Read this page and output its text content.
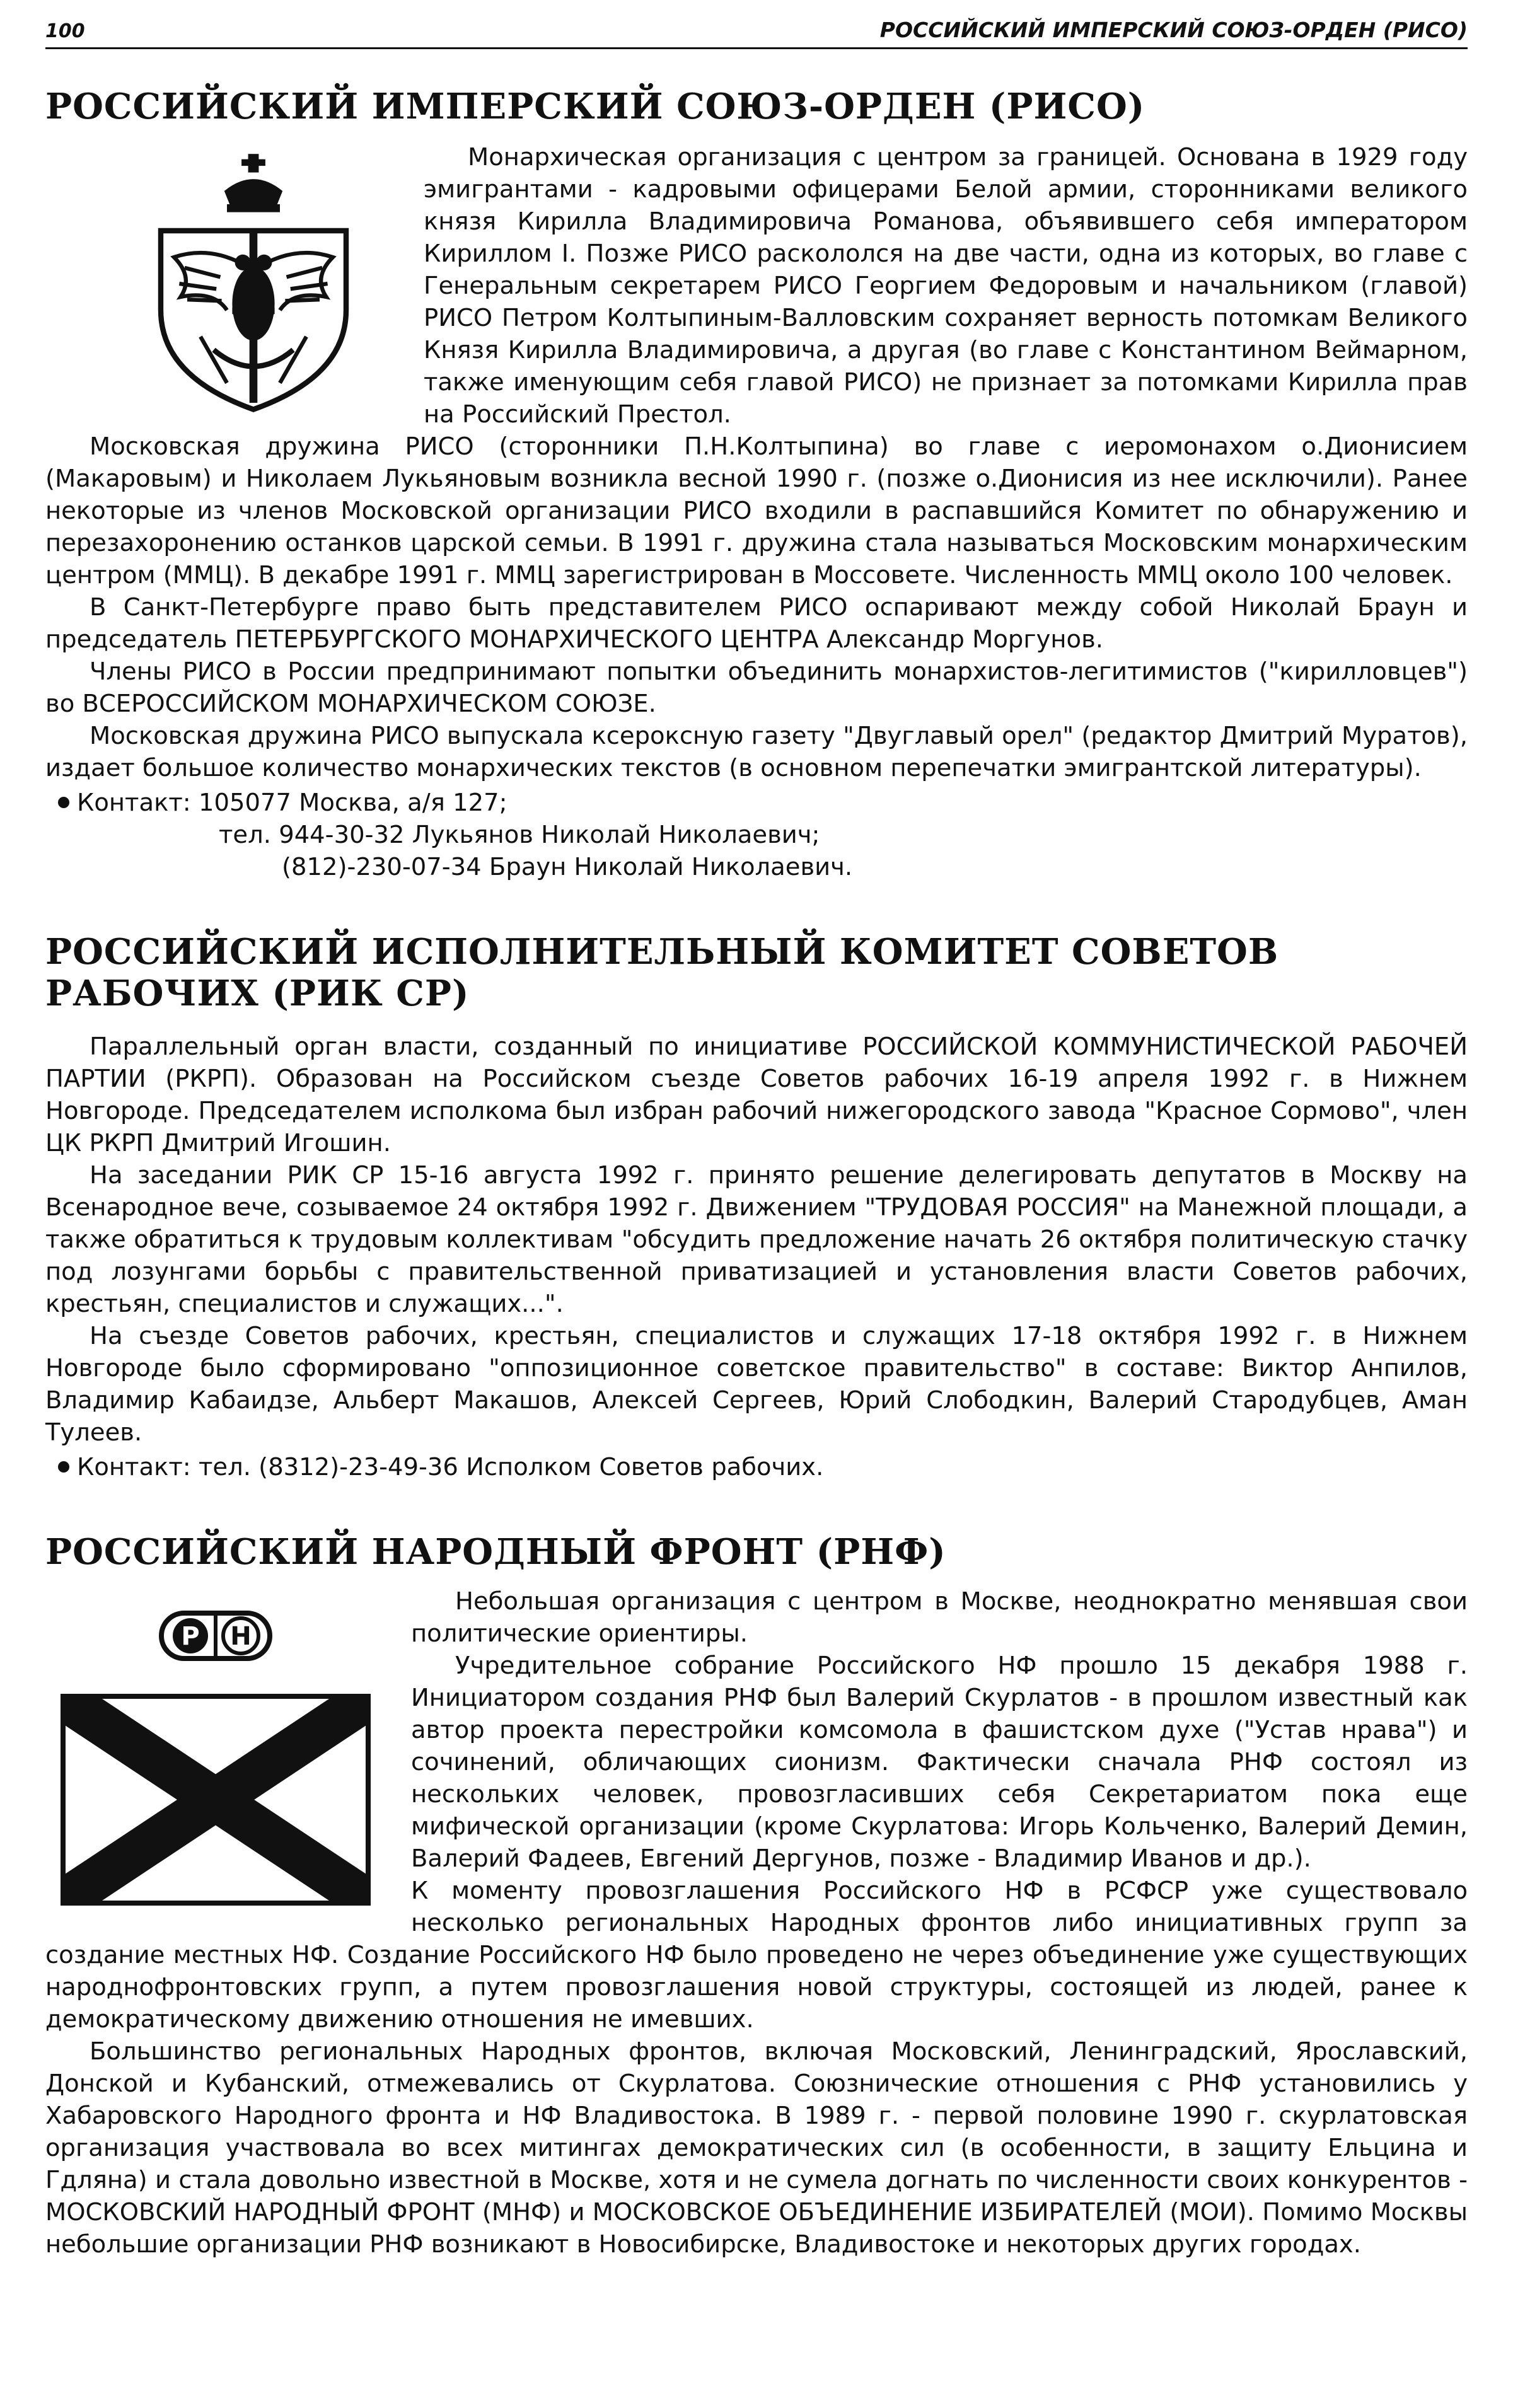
100	РОССИЙСКИЙ ИМПЕРСКИЙ СОЮЗ-ОРДЕН (РИСО)
РОССИЙСКИЙ ИМПЕРСКИЙ СОЮЗ-ОРДЕН (РИСО)

Монархическая организация с центром за границей. Основана в 1929 году эмигрантами - кадровыми офицерами Белой армии, сторонниками великого князя Кирилла Владимировича Романова, объявившего себя императором Кириллом I. Позже РИСО раскололся на две части, одна из которых, во главе с Генеральным секретарем РИСО Георгием Федоровым и начальником (главой) РИСО Петром Колтыпиным-Валловским сохраняет верность потомкам Великого Князя Кирилла Владимировича, а другая (во главе с Константином Веймарном, также именующим себя главой РИСО) не признает за потомками Кирилла прав на Российский Престол.

Московская дружина РИСО (сторонники П.Н.Колтыпина) во главе с иеромонахом о.Дионисием (Макаровым) и Николаем Лукьяновым возникла весной 1990 г. (позже о.Дионисия из нее исключили). Ранее некоторые из членов Московской организации РИСО входили в распавшийся Комитет по обнаружению и перезахоронению останков царской семьи. В 1991 г. дружина стала называться Московским монархическим центром (ММЦ). В декабре 1991 г. ММЦ зарегистрирован в Моссовете. Численность ММЦ около 100 человек.

В Санкт-Петербурге право быть представителем РИСО оспаривают между собой Николай Браун и председатель ПЕТЕРБУРГСКОГО МОНАРХИЧЕСКОГО ЦЕНТРА Александр Моргунов.

Члены РИСО в России предпринимают попытки объединить монархистов-легитимистов ("кирилловцев") во ВСЕРОССИЙСКОМ МОНАРХИЧЕСКОМ СОЮЗЕ.

Московская дружина РИСО выпускала ксероксную газету "Двуглавый орел" (редактор Дмитрий Муратов), издает большое количество монархических текстов (в основном перепечатки эмигрантской литературы).

Контакт: 105077 Москва, а/я 127;
тел. 944-30-32 Лукьянов Николай Николаевич;
(812)-230-07-34 Браун Николай Николаевич.
РОССИЙСКИЙ ИСПОЛНИТЕЛЬНЫЙ КОМИТЕТ СОВЕТОВ РАБОЧИХ (РИК СР)

Параллельный орган власти, созданный по инициативе РОССИЙСКОЙ КОММУНИСТИЧЕСКОЙ РАБОЧЕЙ ПАРТИИ (РКРП). Образован на Российском съезде Советов рабочих 16-19 апреля 1992 г. в Нижнем Новгороде. Председателем исполкома был избран рабочий нижегородского завода "Красное Сормово", член ЦК РКРП Дмитрий Игошин.

На заседании РИК СР 15-16 августа 1992 г. принято решение делегировать депутатов в Москву на Всенародное вече, созываемое 24 октября 1992 г. Движением "ТРУДОВАЯ РОССИЯ" на Манежной площади, а также обратиться к трудовым коллективам "обсудить предложение начать 26 октября политическую стачку под лозунгами борьбы с правительственной приватизацией и установления власти Советов рабочих, крестьян, специалистов и служащих...".

На съезде Советов рабочих, крестьян, специалистов и служащих 17-18 октября 1992 г. в Нижнем Новгороде было сформировано "оппозиционное советское правительство" в составе: Виктор Анпилов, Владимир Кабаидзе, Альберт Макашов, Алексей Сергеев, Юрий Слободкин, Валерий Стародубцев, Аман Тулеев.

Контакт: тел. (8312)-23-49-36 Исполком Советов рабочих.
РОССИЙСКИЙ НАРОДНЫЙ ФРОНТ (РНФ)
Р Н

Небольшая организация с центром в Москве, неоднократно менявшая свои политические ориентиры.

Учредительное собрание Российского НФ прошло 15 декабря 1988 г. Инициатором создания РНФ был Валерий Скурлатов - в прошлом известный как автор проекта перестройки комсомола в фашистском духе ("Устав нрава") и сочинений, обличающих сионизм. Фактически сначала РНФ состоял из нескольких человек, провозгласивших себя Секретариатом пока еще мифической организации (кроме Скурлатова: Игорь Кольченко, Валерий Демин, Валерий Фадеев, Евгений Дергунов, позже - Владимир Иванов и др.).

К моменту провозглашения Российского НФ в РСФСР уже существовало несколько региональных Народных фронтов либо инициативных групп за создание местных НФ. Создание Российского НФ было проведено не через объединение уже существующих народнофронтовских групп, а путем провозглашения новой структуры, состоящей из людей, ранее к демократическому движению отношения не имевших.

Большинство региональных Народных фронтов, включая Московский, Ленинградский, Ярославский, Донской и Кубанский, отмежевались от Скурлатова. Союзнические отношения с РНФ установились у Хабаровского Народного фронта и НФ Владивостока. В 1989 г. - первой половине 1990 г. скурлатовская организация участвовала во всех митингах демократических сил (в особенности, в защиту Ельцина и Гдляна) и стала довольно известной в Москве, хотя и не сумела догнать по численности своих конкурентов - МОСКОВСКИЙ НАРОДНЫЙ ФРОНТ (МНФ) и МОСКОВСКОЕ ОБЪЕДИНЕНИЕ ИЗБИРАТЕЛЕЙ (МОИ). Помимо Москвы небольшие организации РНФ возникают в Новосибирске, Владивостоке и некоторых других городах.
